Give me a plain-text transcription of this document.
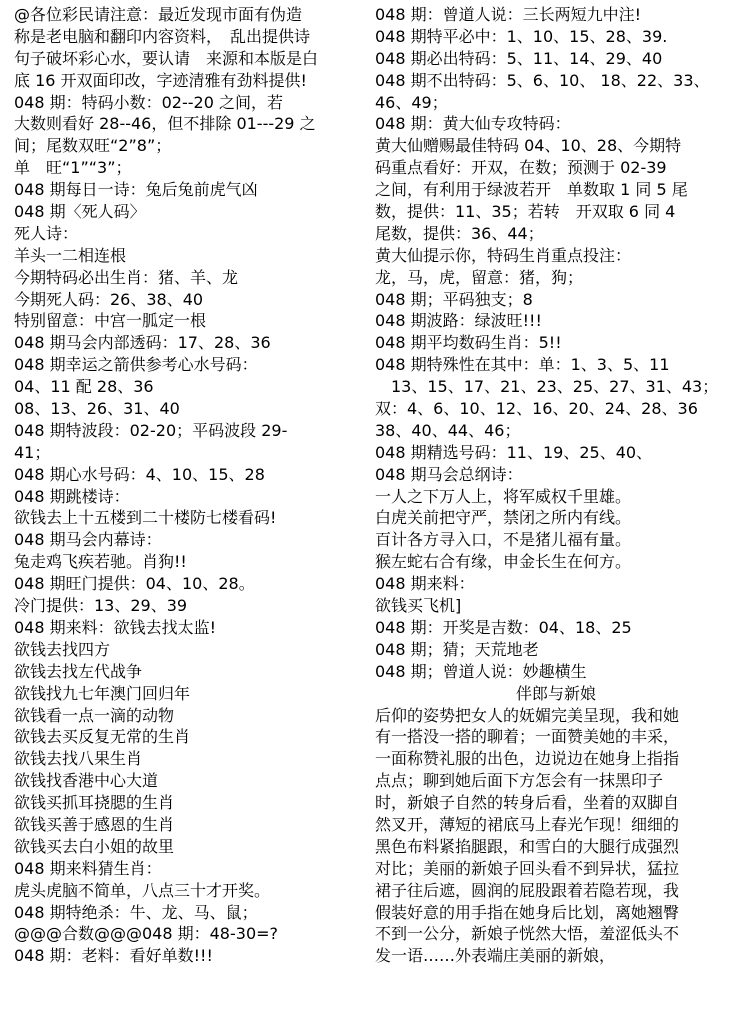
@各位彩民请注意：最近发现市面有伪造
称是老电脑和翻印内容资料，　乱出提供诗
句子破坏彩心水，要认请　来源和本版是白
底 16 开双面印改，字迹清雅有劲料提供!
048 期：特码小数：02--20 之间，若
大数则看好 28--46，但不排除 01---29 之
间；尾数双旺“2”8”；
单　旺“1”“3”；
048 期每日一诗：兔后兔前虎气凶
048 期〈死人码〉
死人诗：
羊头一二相连根
今期特码必出生肖：猪、羊、龙
今期死人码：26、38、40
特别留意：中宫一胍定一根
048 期马会内部透码：17、28、36
048 期幸运之箭供参考心水号码：
04、11 配 28、36
08、13、26、31、40
048 期特波段：02-20；平码波段 29-
41；
048 期心水号码：4、10、15、28
048 期跳楼诗：
欲钱去上十五楼到二十楼防七楼看码!
048 期马会内幕诗：
兔走鸡飞疾若驰。肖狗!!
048 期旺门提供：04、10、28。
冷门提供：13、29、39
048 期来料：欲钱去找太监!
欲钱去找四方
欲钱去找左代战争
欲钱找九七年澳门回归年
欲钱看一点一滴的动物
欲钱去买反复无常的生肖
欲钱去找八果生肖
欲钱找香港中心大道
欲钱买抓耳挠腮的生肖
欲钱买善于感恩的生肖
欲钱买去白小姐的故里
048 期来料猜生肖：
虎头虎脑不简单，八点三十才开奖。
048 期特绝杀：牛、龙、马、鼠；
@@@合数@@@048 期：48-30=?
048 期：老料：看好单数!!!
048 期：曾道人说：三长两短九中注!
048 期特平必中：1、10、15、28、39.
048 期必出特码：5、11、14、29、40
048 期不出特码：5、6、10、 18、22、33、
46、49；
048 期：黄大仙专攻特码：
黄大仙赠赐最佳特码 04、10、28、今期特
码重点看好：开双，在数；预测于 02-39
之间，有利用于绿波若开　单数取 1 同 5 尾
数，提供：11、35；若转　开双取 6 同 4
尾数，提供：36、44；
黄大仙提示你，特码生肖重点投注：
龙，马，虎，留意：猪，狗；
048 期；平码独支；8
048 期波路：绿波旺!!!
048 期平均数码生肖：5!!
048 期特殊性在其中：单：1、3、5、11
　13、15、17、21、23、25、27、31、43；
双：4、6、10、12、16、20、24、28、36
38、40、44、46；
048 期精选号码：11、19、25、40、
048 期马会总纲诗：
一人之下万人上，将军威权千里雄。
白虎关前把守严，禁闭之所内有线。
百计各方寻入口，不是猪儿福有量。
猴左蛇右合有缘，申金长生在何方。
048 期来料：
欲钱买飞机]
048 期：开奖是吉数：04、18、25
048 期；猜；天荒地老
048 期；曾道人说：妙趣横生
伴郎与新娘
后仰的姿势把女人的妩媚完美呈现，我和她
有一搭没一搭的聊着；一面赞美她的丰采，
一面称赞礼服的出色，边说边在她身上指指
点点；聊到她后面下方怎会有一抹黑印子
时，新娘子自然的转身后看，坐着的双脚自
然叉开，薄短的裙底马上春光乍现！细细的
黑色布料紧掐腿跟，和雪白的大腿行成强烈
对比；美丽的新娘子回头看不到异状，猛拉
裙子往后遮，圆润的屁股跟着若隐若现，我
假装好意的用手指在她身后比划，离她翘臀
不到一公分，新娘子恍然大悟，羞涩低头不
发一语……外表端庄美丽的新娘，
